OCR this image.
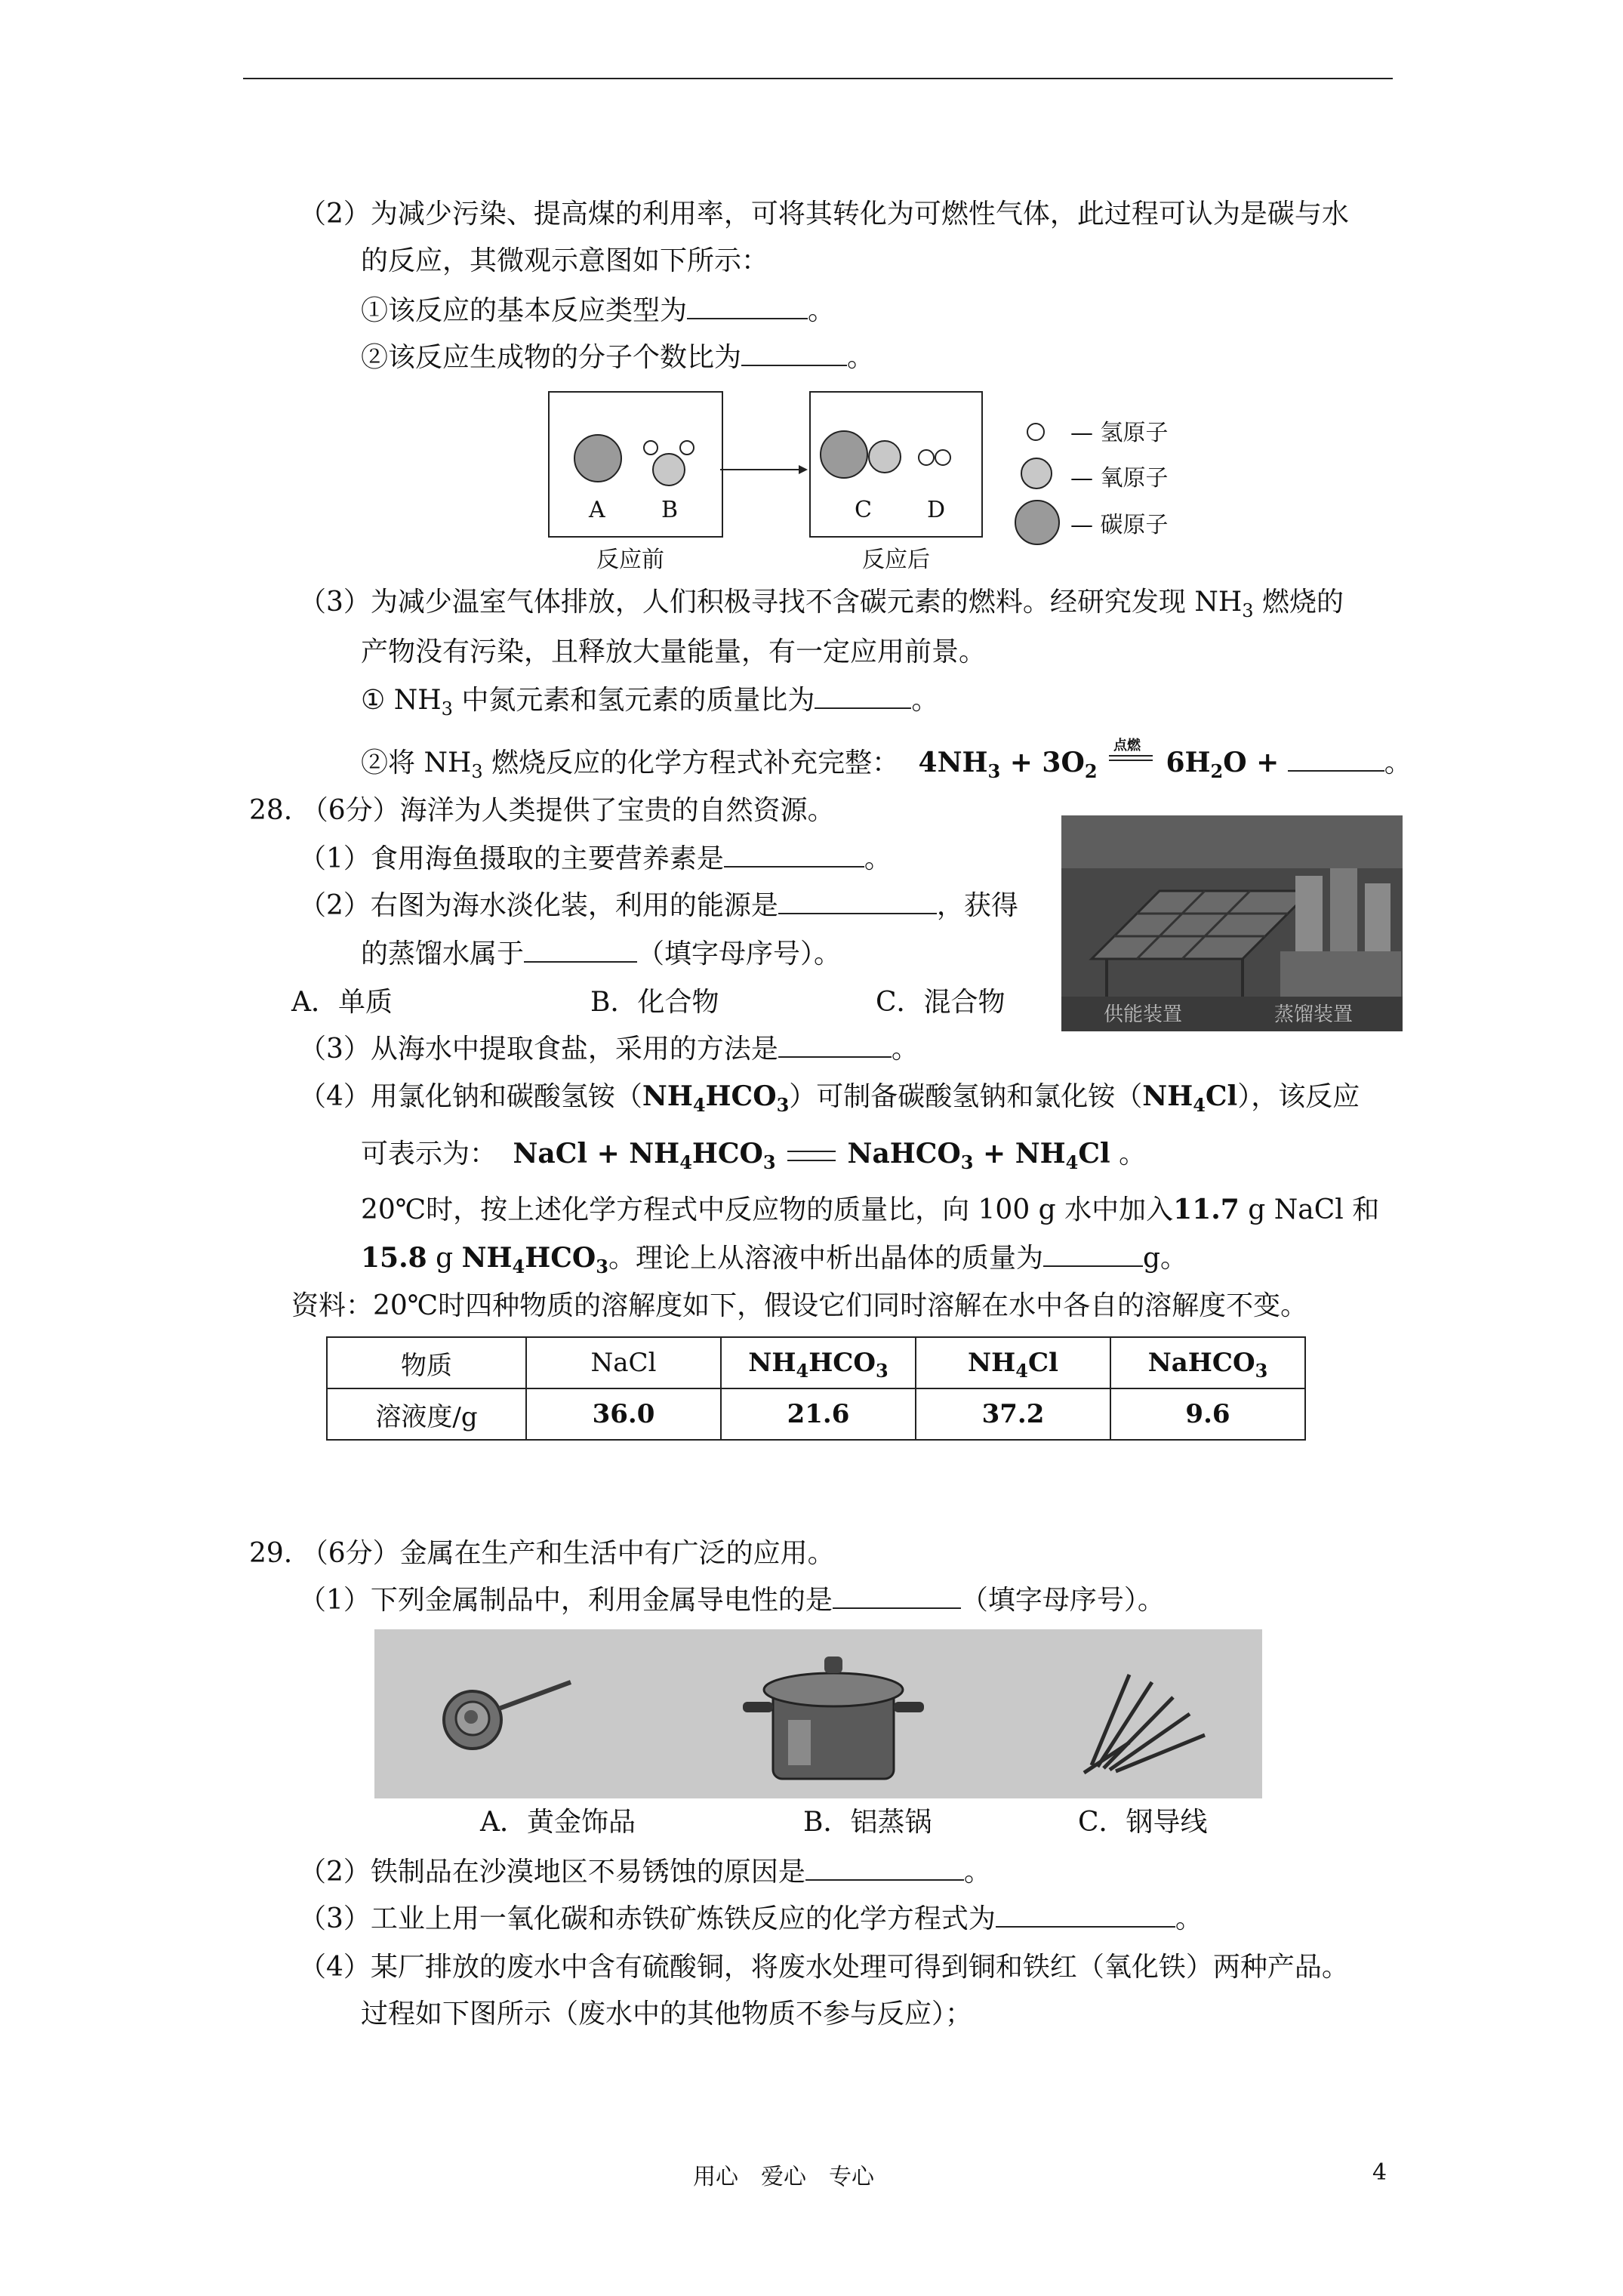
（2）为减少污染、提高煤的利用率，可将其转化为可燃性气体，此过程可认为是碳与水
的反应，其微观示意图如下所示：
①该反应的基本反应类型为	。
②该反应生成物的分子个数比为	。
A B	C D
反应前	反应后
— 氢原子
— 氧原子
— 碳原子
（3）为减少温室气体排放，人们积极寻找不含碳元素的燃料。经研究发现 $NH_3$ 燃烧的
产物没有污染，且释放大量能量，有一定应用前景。
① $NH_3$ 中氮元素和氢元素的质量比为	。
②将 $NH_3$ 燃烧反应的化学方程式补充完整： $4NH_3 + 3O_2$
点燃
$6H_2O$ +	。
28. （6分）海洋为人类提供了宝贵的自然资源。
（1）食用海鱼摄取的主要营养素是	。
（2）右图为海水淡化装，利用的能源是	，获得
的蒸馏水属于	（填字母序号）。
A．单质	B．化合物	C．混合物	供能装置	蒸馏装置
（3）从海水中提取食盐，采用的方法是	。
（4）用氯化钠和碳酸氢铵$(NH_4HCO_3)$可制备碳酸氢钠和氯化铵$(NH_4Cl)$，该反应
可表示为： NaCl + $NH_4HCO_3$	NaHCO$_3$ + $NH_4Cl$ 。
20℃时，按上述化学方程式中反应物的质量比，向 100 g 水中加入11.7 g NaCl 和
15.8 g $NH_4HCO_3$。理论上从溶液中析出晶体的质量为	g。
资料：20℃时四种物质的溶解度如下，假设它们同时溶解在水中各自的溶解度不变。
物质	NaCl	$NH_4HCO_3$	$NH_4Cl$	NaHCO$_3$
溶液度/g	36.0	21.6	37.2	9.6
29. （6分）金属在生产和生活中有广泛的应用。
（1）下列金属制品中，利用金属导电性的是	（填字母序号）。
A．黄金饰品	B．铝蒸锅	C．钢导线
（2）铁制品在沙漠地区不易锈蚀的原因是	。
（3）工业上用一氧化碳和赤铁矿炼铁反应的化学方程式为	。
（4）某厂排放的废水中含有硫酸铜，将废水处理可得到铜和铁红（氧化铁）两种产品。
过程如下图所示（废水中的其他物质不参与反应）；
用心　爱心　专心	4
